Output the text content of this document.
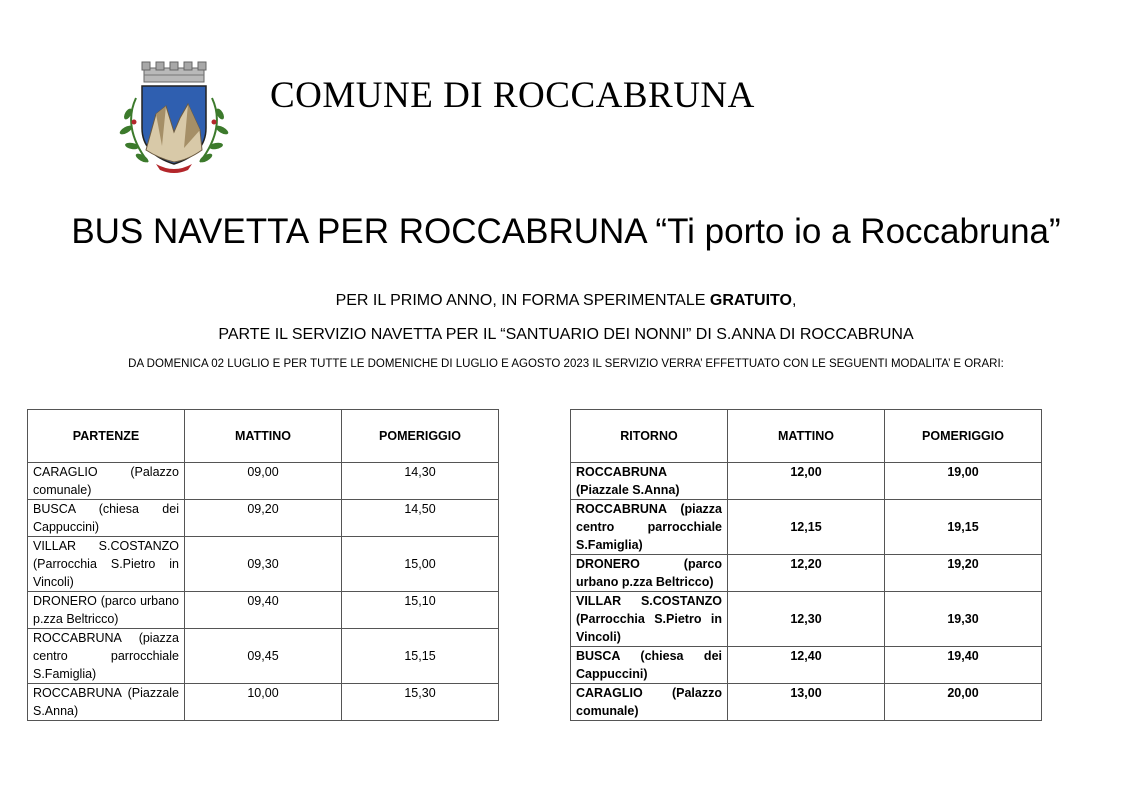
COMUNE DI ROCCABRUNA
BUS NAVETTA PER ROCCABRUNA “Ti porto io a Roccabruna”
PER IL PRIMO ANNO, IN FORMA SPERIMENTALE GRATUITO,
PARTE IL SERVIZIO NAVETTA PER IL “SANTUARIO DEI NONNI” DI S.ANNA DI ROCCABRUNA
DA DOMENICA 02 LUGLIO E PER TUTTE LE DOMENICHE DI LUGLIO E AGOSTO 2023 IL SERVIZIO VERRA’ EFFETTUATO CON LE SEGUENTI MODALITA’ E ORARI:
PARTENZE	MATTINO	POMERIGGIO
CARAGLIO (Palazzo comunale)	09,00	14,30
BUSCA (chiesa dei Cappuccini)	09,20	14,50
VILLAR S.COSTANZO (Parrocchia S.Pietro in Vincoli)	09,30	15,00
DRONERO (parco urbano p.zza Beltricco)	09,40	15,10
ROCCABRUNA (piazza centro parrocchiale S.Famiglia)	09,45	15,15
ROCCABRUNA (Piazzale S.Anna)	10,00	15,30
RITORNO	MATTINO	POMERIGGIO
ROCCABRUNA (Piazzale S.Anna)	12,00	19,00
ROCCABRUNA (piazza centro parrocchiale S.Famiglia)	12,15	19,15
DRONERO (parco urbano p.zza Beltricco)	12,20	19,20
VILLAR S.COSTANZO (Parrocchia S.Pietro in Vincoli)	12,30	19,30
BUSCA (chiesa dei Cappuccini)	12,40	19,40
CARAGLIO (Palazzo comunale)	13,00	20,00
